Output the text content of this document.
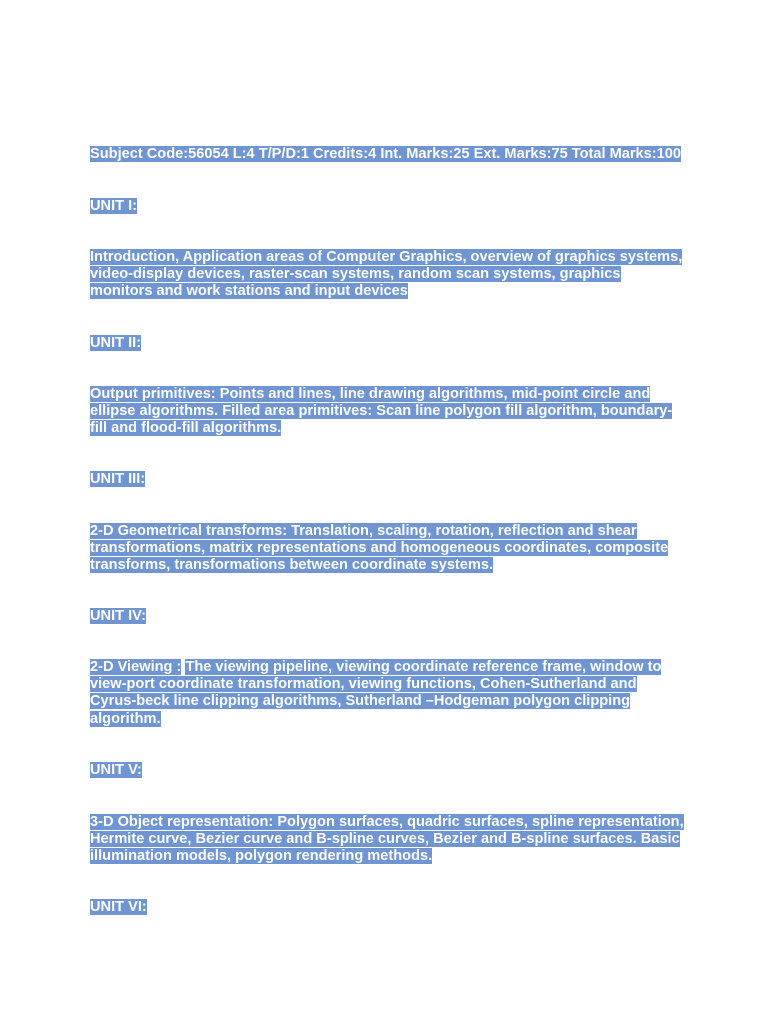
Subject Code:56054 L:4 T/P/D:1 Credits:4 Int. Marks:25 Ext. Marks:75 Total Marks:100
UNIT I:
Introduction, Application areas of Computer Graphics, overview of graphics systems,
video-display devices, raster-scan systems, random scan systems, graphics
monitors and work stations and input devices
UNIT II:
Output primitives: Points and lines, line drawing algorithms, mid-point circle and
ellipse algorithms. Filled area primitives: Scan line polygon fill algorithm, boundary-
fill and flood-fill algorithms.
UNIT III:
2-D Geometrical transforms: Translation, scaling, rotation, reflection and shear
transformations, matrix representations and homogeneous coordinates, composite
transforms, transformations between coordinate systems.
UNIT IV:
2-D Viewing : The viewing pipeline, viewing coordinate reference frame, window to
view-port coordinate transformation, viewing functions, Cohen-Sutherland and
Cyrus-beck line clipping algorithms, Sutherland –Hodgeman polygon clipping
algorithm.
UNIT V:
3-D Object representation: Polygon surfaces, quadric surfaces, spline representation,
Hermite curve, Bezier curve and B-spline curves, Bezier and B-spline surfaces. Basic
illumination models, polygon rendering methods.
UNIT VI:
